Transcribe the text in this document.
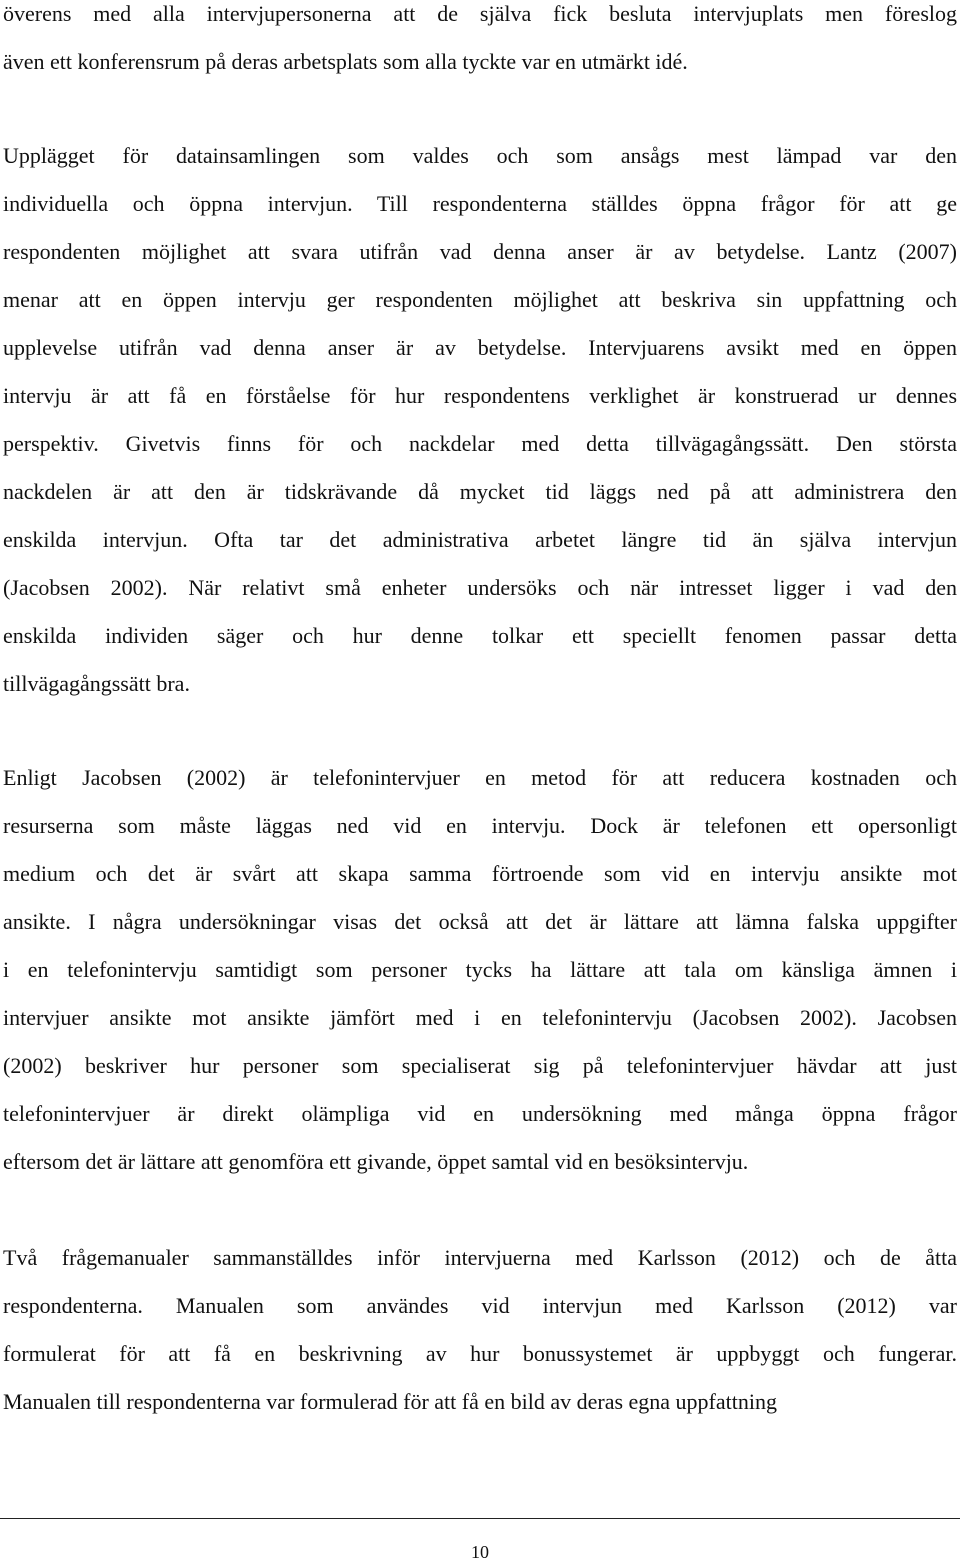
överens med alla intervjupersonerna att de själva fick besluta intervjuplats men föreslog
även ett konferensrum på deras arbetsplats som alla tyckte var en utmärkt idé.
Upplägget för datainsamlingen som valdes och som ansågs mest lämpad var den
individuella och öppna intervjun. Till respondenterna ställdes öppna frågor för att ge
respondenten möjlighet att svara utifrån vad denna anser är av betydelse. Lantz (2007)
menar att en öppen intervju ger respondenten möjlighet att beskriva sin uppfattning och
upplevelse utifrån vad denna anser är av betydelse. Intervjuarens avsikt med en öppen
intervju är att få en förståelse för hur respondentens verklighet är konstruerad ur dennes
perspektiv. Givetvis finns för och nackdelar med detta tillvägagångssätt. Den största
nackdelen är att den är tidskrävande då mycket tid läggs ned på att administrera den
enskilda intervjun. Ofta tar det administrativa arbetet längre tid än själva intervjun
(Jacobsen 2002). När relativt små enheter undersöks och när intresset ligger i vad den
enskilda individen säger och hur denne tolkar ett speciellt fenomen passar detta
tillvägagångssätt bra.
Enligt Jacobsen (2002) är telefonintervjuer en metod för att reducera kostnaden och
resurserna som måste läggas ned vid en intervju. Dock är telefonen ett opersonligt
medium och det är svårt att skapa samma förtroende som vid en intervju ansikte mot
ansikte. I några undersökningar visas det också att det är lättare att lämna falska uppgifter
i en telefonintervju samtidigt som personer tycks ha lättare att tala om känsliga ämnen i
intervjuer ansikte mot ansikte jämfört med i en telefonintervju (Jacobsen 2002). Jacobsen
(2002) beskriver hur personer som specialiserat sig på telefonintervjuer hävdar att just
telefonintervjuer är direkt olämpliga vid en undersökning med många öppna frågor
eftersom det är lättare att genomföra ett givande, öppet samtal vid en besöksintervju.
Två frågemanualer sammanställdes inför intervjuerna med Karlsson (2012) och de åtta
respondenterna. Manualen som användes vid intervjun med Karlsson (2012) var
formulerat för att få en beskrivning av hur bonussystemet är uppbyggt och fungerar.
Manualen till respondenterna var formulerad för att få en bild av deras egna uppfattning
10
